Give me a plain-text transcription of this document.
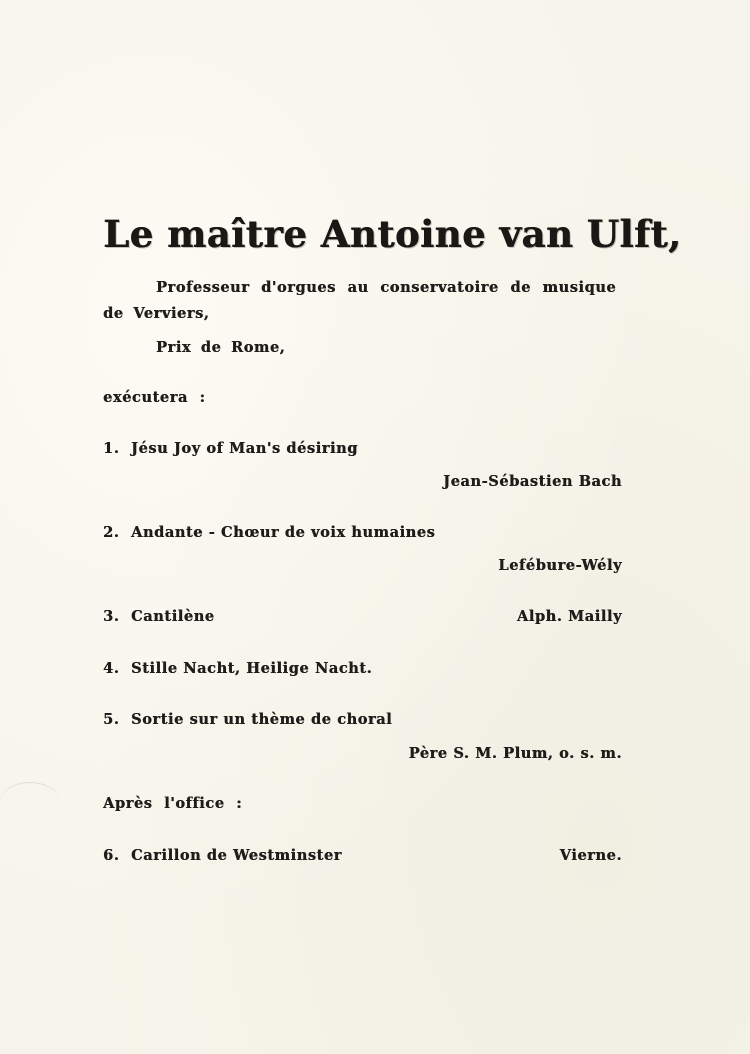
Le maître Antoine van Ulft,
Professeur d'orgues au conservatoire de musique
de Verviers,
Prix de Rome,
exécutera :
1. Jésu Joy of Man's désiring
Jean-Sébastien Bach
2. Andante - Chœur de voix humaines
Lefébure-Wély
3. Cantilène	Alph. Mailly
4. Stille Nacht, Heilige Nacht.
5. Sortie sur un thème de choral
Père S. M. Plum, o. s. m.
Après l'office :
6. Carillon de Westminster	Vierne.
